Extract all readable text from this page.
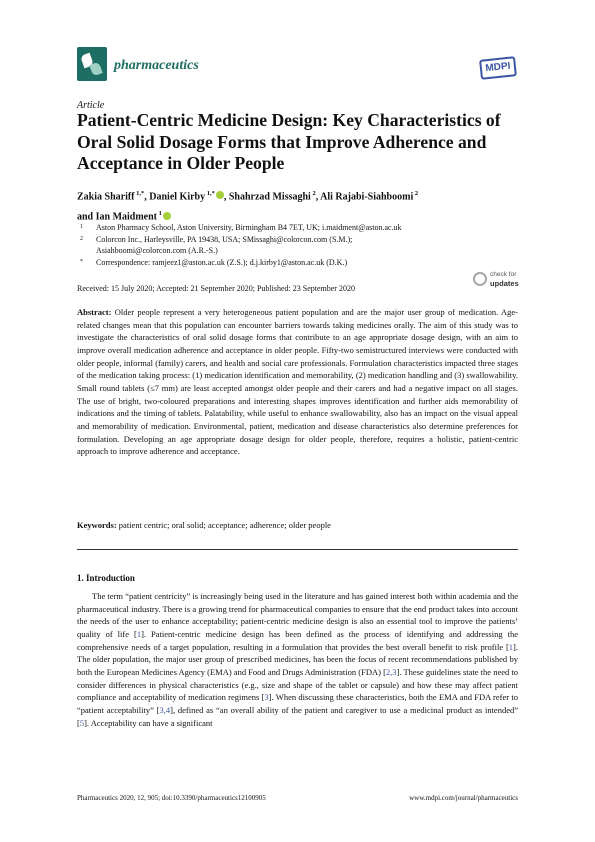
pharmaceutics	MDPI
Article
Patient-Centric Medicine Design: Key Characteristics of Oral Solid Dosage Forms that Improve Adherence and Acceptance in Older People
Zakia Shariff $^{1,*}$, Daniel Kirby $^{1,*}$ , Shahrzad Missaghi $^2$, Ali Rajabi-Siahboomi $^2$
and Ian Maidment $^1$
1	Aston Pharmacy School, Aston University, Birmingham B4 7ET, UK; i.maidment@aston.ac.uk
2	Colorcon Inc., Harleysville, PA 19438, USA; SMissaghi@colorcon.com (S.M.);
Asiahboomi@colorcon.com (A.R.-S.)
*	Correspondence: ramjeez1@aston.ac.uk (Z.S.); d.j.kirby1@aston.ac.uk (D.K.)
check for
updates
Received: 15 July 2020; Accepted: 21 September 2020; Published: 23 September 2020
Abstract: Older people represent a very heterogeneous patient population and are the major user group of medication. Age-related changes mean that this population can encounter barriers towards taking medicines orally. The aim of this study was to investigate the characteristics of oral solid dosage forms that contribute to an age appropriate dosage design, with an aim to improve overall medication adherence and acceptance in older people. Fifty-two semistructured interviews were conducted with older people, informal (family) carers, and health and social care professionals. Formulation characteristics impacted three stages of the medication taking process: (1) medication identification and memorability, (2) medication handling and (3) swallowability. Small round tablets (≤7 mm) are least accepted amongst older people and their carers and had a negative impact on all stages. The use of bright, two-coloured preparations and interesting shapes improves identification and further aids memorability of indications and the timing of tablets. Palatability, while useful to enhance swallowability, also has an impact on the visual appeal and memorability of medication. Environmental, patient, medication and disease characteristics also determine preferences for formulation. Developing an age appropriate dosage design for older people, therefore, requires a holistic, patient-centric approach to improve adherence and acceptance.
Keywords: patient centric; oral solid; acceptance; adherence; older people
1. Introduction
The term “patient centricity” is increasingly being used in the literature and has gained interest both within academia and the pharmaceutical industry. There is a growing trend for pharmaceutical companies to ensure that the end product takes into account the needs of the user to enhance acceptability; patient-centric medicine design is also an essential tool to improve the patients’ quality of life [1]. Patient-centric medicine design has been defined as the process of identifying and addressing the comprehensive needs of a target population, resulting in a formulation that provides the best overall benefit to risk profile [1]. The older population, the major user group of prescribed medicines, has been the focus of recent recommendations published by both the European Medicines Agency (EMA) and Food and Drugs Administration (FDA) [2,3]. These guidelines state the need to consider differences in physical characteristics (e.g., size and shape of the tablet or capsule) and how these may affect patient compliance and acceptability of medication regimens [3]. When discussing these characteristics, both the EMA and FDA refer to “patient acceptability” [3,4], defined as “an overall ability of the patient and caregiver to use a medicinal product as intended” [5]. Acceptability can have a significant
Pharmaceutics 2020, 12, 905; doi:10.3390/pharmaceutics12100905	www.mdpi.com/journal/pharmaceutics
